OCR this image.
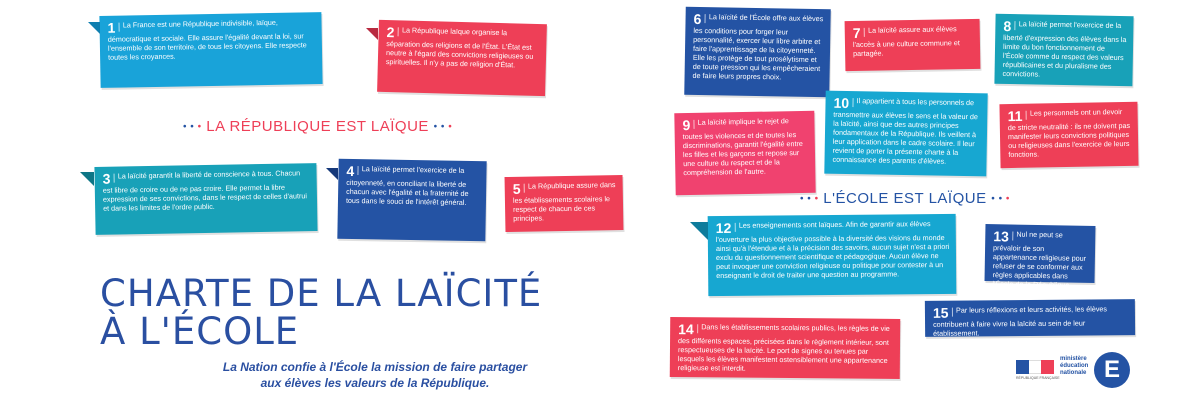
1 La France est une République indivisible, laïque, démocratique et sociale. Elle assure l'égalité devant la loi, sur l'ensemble de son territoire, de tous les citoyens. Elle respecte toutes les croyances.
2 La République laïque organise la séparation des religions et de l'État. L'État est neutre à l'égard des convictions religieuses ou spirituelles. Il n'y a pas de religion d'État.
• • • LA RÉPUBLIQUE EST LAÏQUE • • •
3 La laïcité garantit la liberté de conscience à tous. Chacun est libre de croire ou de ne pas croire. Elle permet la libre expression de ses convictions, dans le respect de celles d'autrui et dans les limites de l'ordre public.
4 La laïcité permet l'exercice de la citoyenneté, en conciliant la liberté de chacun avec l'égalité et la fraternité de tous dans le souci de l'intérêt général.
5 La République assure dans les établissements scolaires le respect de chacun de ces principes.
CHARTE DE LA LAÏCITÉ
À L'ÉCOLE
La Nation confie à l'École la mission de faire partager
aux élèves les valeurs de la République.
6 La laïcité de l'École offre aux élèves les conditions pour forger leur personnalité, exercer leur libre arbitre et faire l'apprentissage de la citoyenneté. Elle les protège de tout prosélytisme et de toute pression qui les empêcheraient de faire leurs propres choix.
7 La laïcité assure aux élèves l'accès à une culture commune et partagée.
8 La laïcité permet l'exercice de la liberté d'expression des élèves dans la limite du bon fonctionnement de l'École comme du respect des valeurs républicaines et du pluralisme des convictions.
9 La laïcité implique le rejet de toutes les violences et de toutes les discriminations, garantit l'égalité entre les filles et les garçons et repose sur une culture du respect et de la compréhension de l'autre.
10 Il appartient à tous les personnels de transmettre aux élèves le sens et la valeur de la laïcité, ainsi que des autres principes fondamentaux de la République. Ils veillent à leur application dans le cadre scolaire. Il leur revient de porter la présente charte à la connaissance des parents d'élèves.
11 Les personnels ont un devoir de stricte neutralité : ils ne doivent pas manifester leurs convictions politiques ou religieuses dans l'exercice de leurs fonctions.
• • • L'ÉCOLE EST LAÏQUE • • •
12 Les enseignements sont laïques. Afin de garantir aux élèves l'ouverture la plus objective possible à la diversité des visions du monde ainsi qu'à l'étendue et à la précision des savoirs, aucun sujet n'est a priori exclu du questionnement scientifique et pédagogique. Aucun élève ne peut invoquer une conviction religieuse ou politique pour contester à un enseignant le droit de traiter une question au programme.
13 Nul ne peut se prévaloir de son appartenance religieuse pour refuser de se conformer aux règles applicables dans l'École de la République.
14 Dans les établissements scolaires publics, les règles de vie des différents espaces, précisées dans le règlement intérieur, sont respectueuses de la laïcité. Le port de signes ou tenues par lesquels les élèves manifestent ostensiblement une appartenance religieuse est interdit.
15 Par leurs réflexions et leurs activités, les élèves contribuent à faire vivre la laïcité au sein de leur établissement.
RÉPUBLIQUE FRANÇAISE
ministère
éducation
nationale E
